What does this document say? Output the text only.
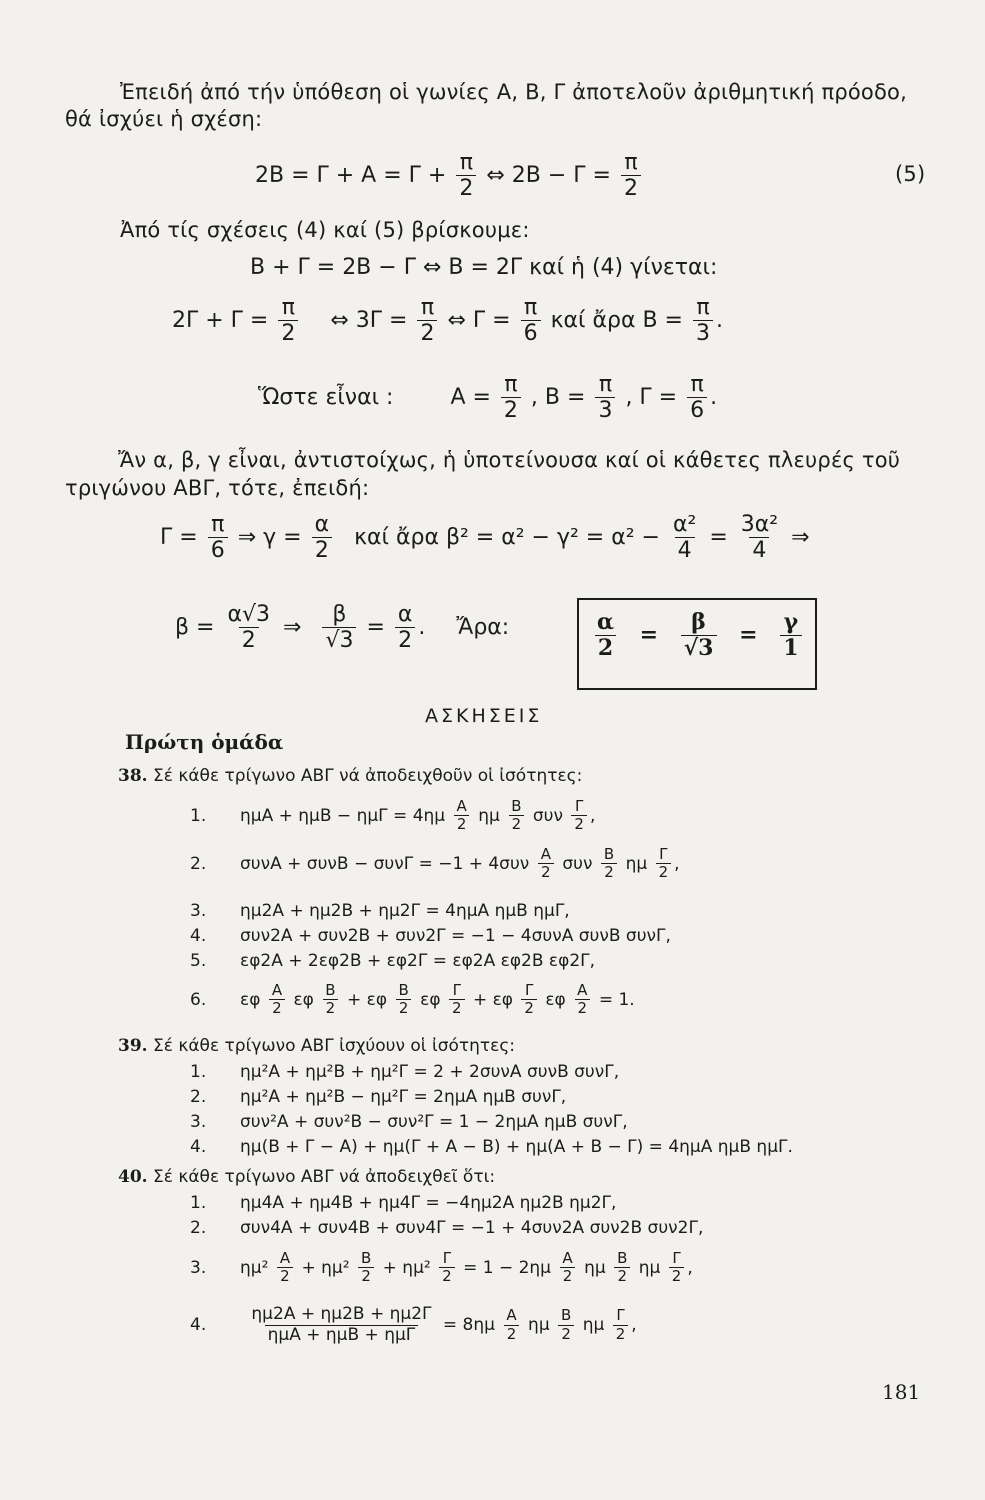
Ἐπειδή ἀπό τήν ὑπόθεση οἱ γωνίες Α, Β, Γ ἀποτελοῦν ἀριθμητική πρόοδο,
θά ἰσχύει ἡ σχέση:
$2B = \Gamma + A = \Gamma + \frac{\pi}{2}$ ⇔ $2B - \Gamma = \frac{\pi}{2}$	(5)
Ἀπό τίς σχέσεις (4) καί (5) βρίσκουμε:
Β + Γ = 2Β − Γ ⇔ Β = 2Γ καί ἡ (4) γίνεται:
$2\Gamma + \Gamma = \frac{\pi}{2}$ ⇔ $3\Gamma = \frac{\pi}{2}$ ⇔ $\Gamma = \frac{\pi}{6}$ καί ἄρα $B = \frac{\pi}{3}$ .
Ὥστε εἶναι :	$A = \frac{\pi}{2}$ , $B = \frac{\pi}{3}$ , $\Gamma = \frac{\pi}{6}$ .
Ἄν α, β, γ εἶναι, ἀντιστοίχως, ἡ ὑποτείνουσα καί οἱ κάθετες πλευρές τοῦ
τριγώνου ΑΒΓ, τότε, ἐπειδή:
$\Gamma = \frac{\pi}{6}$ ⇒ $\gamma = \frac{\alpha}{2}$ καί ἄρα $\beta^2 = \alpha^2 - \gamma^2 = \alpha^2 - \frac{\text{α²}}{4} = \frac{\text{3α²}}{4}$ ⇒
$\beta = \frac{\alpha√3}{2}$ ⇒ $\frac{\beta}{√3} = \frac{\alpha}{2}$ . Ἄρα:	$\frac{\alpha}{2} = \frac{\beta}{√3} = \frac{\gamma}{1}$
ΑΣΚΗΣΕΙΣ
Πρώτη ὁμάδα
38. Σέ κάθε τρίγωνο ΑΒΓ νά ἀποδειχθοῦν οἱ ἰσότητες:
1. $\eta\mu A + \eta\mu B - \eta\mu\Gamma = 4\eta\mu \frac{A}{2}$ ημ $\frac{B}{2}$ συν $\frac{\Gamma}{2}$ ,
2. $\sigma\upsilon\nu A + \sigma\upsilon\nu B - \sigma\upsilon\nu\Gamma = -1 + 4\sigma\upsilon\nu \frac{A}{2}$ συν $\frac{B}{2}$ ημ $\frac{\Gamma}{2}$ ,
3. ημ2Α + ημ2Β + ημ2Γ = 4ημΑ ημΒ ημΓ,
4. συν2Α + συν2Β + συν2Γ = −1 − 4συνΑ συνΒ συνΓ,
5. εφ2Α + 2εφ2Β + εφ2Γ = εφ2Α εφ2Β εφ2Γ,
6. εφ $\frac{A}{2}$ εφ $\frac{B}{2} + \varepsilon\varphi \frac{B}{2}$ εφ $\frac{\Gamma}{2} + \varepsilon\varphi \frac{\Gamma}{2}$ εφ $\frac{A}{2} = 1$.
39. Σέ κάθε τρίγωνο ΑΒΓ ἰσχύουν οἱ ἰσότητες:
1. ημ²Α + ημ²Β + ημ²Γ = 2 + 2συνΑ συνΒ συνΓ,
2. ημ²Α + ημ²Β − ημ²Γ = 2ημΑ ημΒ συνΓ,
3. συν²Α + συν²Β − συν²Γ = 1 − 2ημΑ ημΒ συνΓ,
4. ημ(Β + Γ − Α) + ημ(Γ + Α − Β) + ημ(Α + Β − Γ) = 4ημΑ ημΒ ημΓ.
40. Σέ κάθε τρίγωνο ΑΒΓ νά ἀποδειχθεῖ ὅτι:
1. ημ4Α + ημ4Β + ημ4Γ = −4ημ2Α ημ2Β ημ2Γ,
2. συν4Α + συν4Β + συν4Γ = −1 + 4συν2Α συν2Β συν2Γ,
3. $\eta\mu^2 \frac{A}{2} + \eta\mu^2 \frac{B}{2} + \eta\mu^2 \frac{\Gamma}{2} = 1 - 2\eta\mu \frac{A}{2}$ ημ $\frac{B}{2}$ ημ $\frac{\Gamma}{2}$ ,
4.
ημ2Α + ημ2Β + ημ2Γ
$\eta\mu A + \eta\mu B + \eta\mu\Gamma = 8\eta\mu \frac{A}{2}$ ημ $\frac{B}{2}$ ημ $\frac{\Gamma}{2}$ ,
181
